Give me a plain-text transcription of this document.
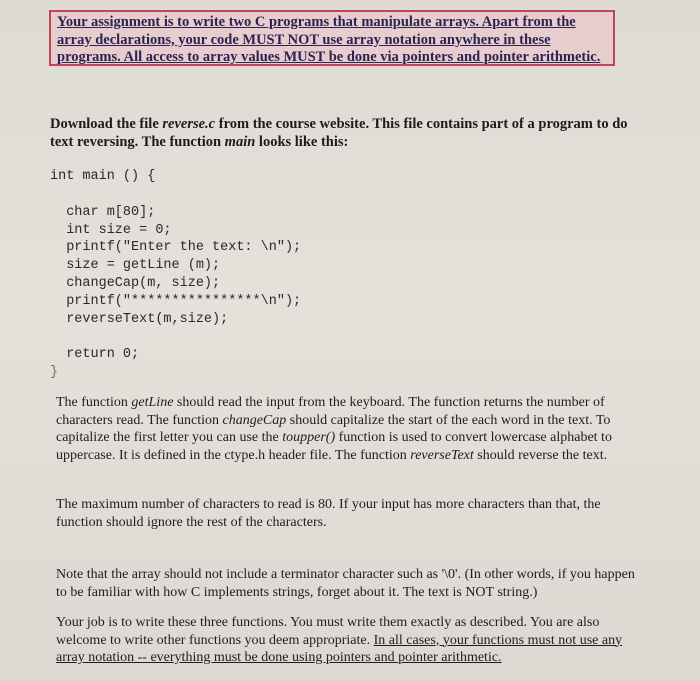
Your assignment is to write two C programs that manipulate arrays. Apart from the array declarations, your code MUST NOT use array notation anywhere in these programs. All access to array values MUST be done via pointers and pointer arithmetic.
Download the file reverse.c from the course website. This file contains part of a program to do text reversing. The function main looks like this:
int main () {
char m[80];
int size = 0;
printf("Enter the text: \n");
size = getLine (m);
changeCap(m, size);
printf("****************\n");
reverseText(m,size);
return 0;
}
The function getLine should read the input from the keyboard. The function returns the number of characters read. The function changeCap should capitalize the start of the each word in the text. To capitalize the first letter you can use the toupper() function is used to convert lowercase alphabet to uppercase. It is defined in the ctype.h header file. The function reverseText should reverse the text.
The maximum number of characters to read is 80. If your input has more characters than that, the function should ignore the rest of the characters.
Note that the array should not include a terminator character such as '\0'. (In other words, if you happen to be familiar with how C implements strings, forget about it. The text is NOT string.)
Your job is to write these three functions. You must write them exactly as described. You are also welcome to write other functions you deem appropriate. In all cases, your functions must not use any array notation -- everything must be done using pointers and pointer arithmetic.
